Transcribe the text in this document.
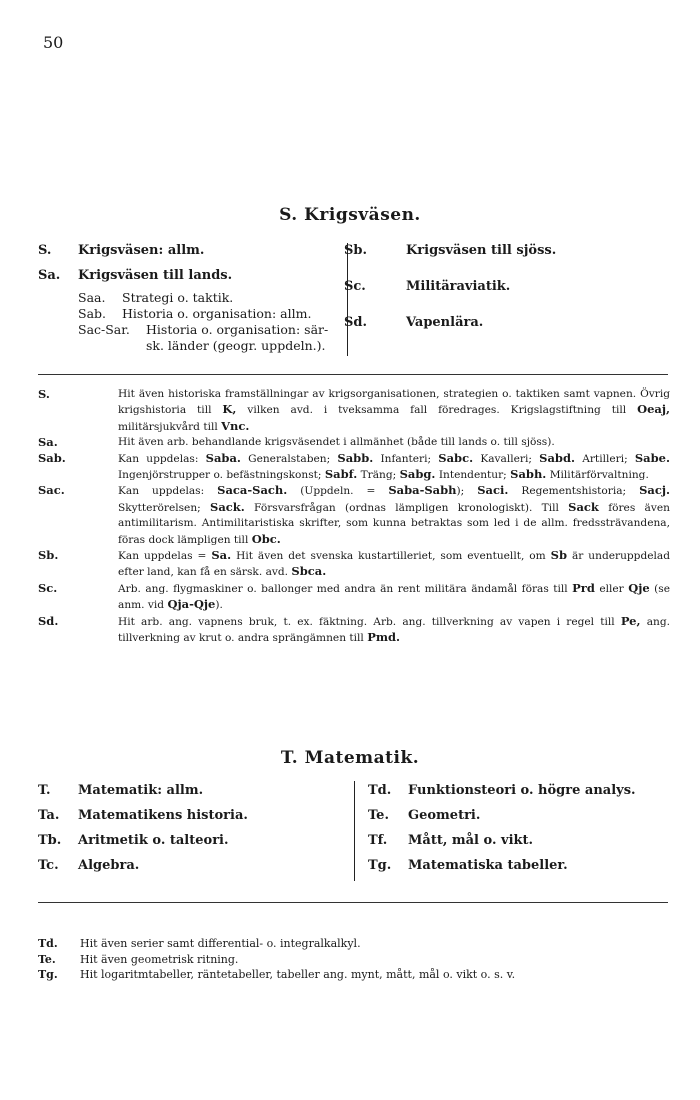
50
S. Krigsväsen.
S. Krigsväsen: allm.
Sa. Krigsväsen till lands.
Saa. Strategi o. taktik.
Sab. Historia o. organisation: allm.
Sac-Sar. Historia o. organisation: sär-
sk. länder (geogr. uppdeln.).
Sb.	Krigsväsen till sjöss.
Sc.	Militäraviatik.
Sd.	Vapenlära.
S.	Hit även historiska framställningar av krigsorganisationen, strategien o. taktiken samt vapnen. Övrig krigshistoria till K, vilken avd. i tveksamma fall föredrages. Krigslagstiftning till Oeaj, militärsjukvård till Vnc.
Sa.	Hit även arb. behandlande krigsväsendet i allmänhet (både till lands o. till sjöss).
Sab.	Kan uppdelas: Saba. Generalstaben; Sabb. Infanteri; Sabc. Kavalleri; Sabd. Artilleri; Sabe. Ingenjörstrupper o. befästningskonst; Sabf. Träng; Sabg. Intendentur; Sabh. Militärförvaltning.
Sac.	Kan uppdelas: Saca-Sach. (Uppdeln. = Saba-Sabh); Saci. Regementshistoria; Sacj. Skytterörelsen; Sack. Försvarsfrågan (ordnas lämpligen kronologiskt). Till Sack föres även antimilitarism. Antimilitaristiska skrifter, som kunna betraktas som led i de allm. fredssträvandena, föras dock lämpligen till Obc.
Sb.	Kan uppdelas = Sa. Hit även det svenska kustartilleriet, som eventuellt, om Sb är underuppdelad efter land, kan få en särsk. avd. Sbca.
Sc.	Arb. ang. flygmaskiner o. ballonger med andra än rent militära ändamål föras till Prd eller Qje (se anm. vid Qja-Qje).
Sd.	Hit arb. ang. vapnens bruk, t. ex. fäktning. Arb. ang. tillverkning av vapen i regel till Pe, ang. tillverkning av krut o. andra sprängämnen till Pmd.
T. Matematik.
T. Matematik: allm.
Ta. Matematikens historia.
Tb. Aritmetik o. talteori.
Tc. Algebra.
Td. Funktionsteori o. högre analys.
Te. Geometri.
Tf. Mått, mål o. vikt.
Tg. Matematiska tabeller.
Td. Hit även serier samt differential- o. integralkalkyl.
Te. Hit även geometrisk ritning.
Tg. Hit logaritmtabeller, räntetabeller, tabeller ang. mynt, mått, mål o. vikt o. s. v.
